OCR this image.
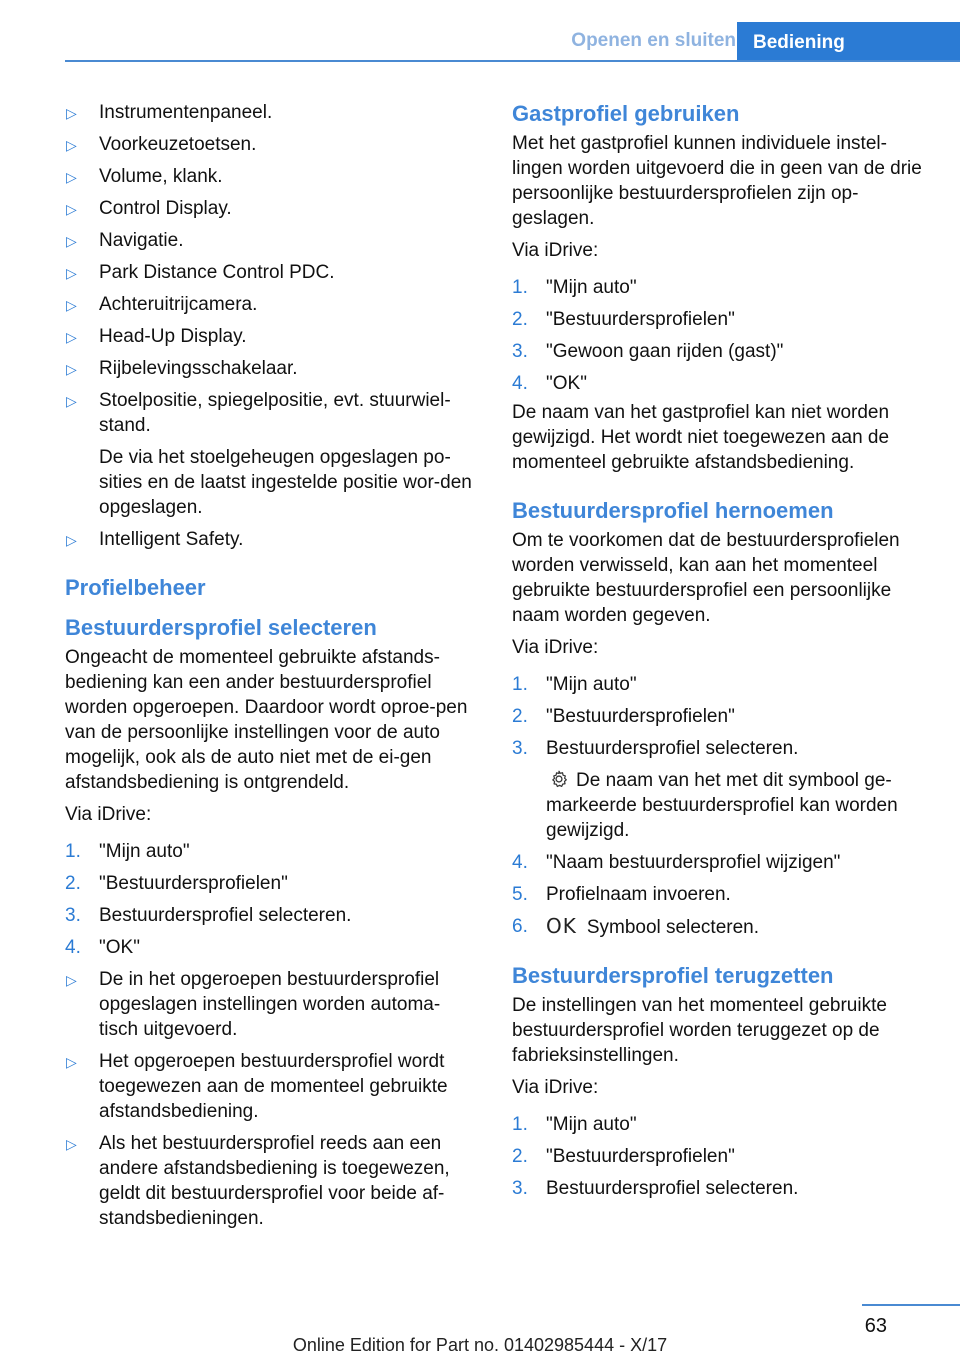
Openen en sluiten Bediening
▷ Instrumentenpaneel.
▷ Voorkeuzetoetsen.
▷ Volume, klank.
▷ Control Display.
▷ Navigatie.
▷ Park Distance Control PDC.
▷ Achteruitrijcamera.
▷ Head-Up Display.
▷ Rijbelevingsschakelaar.
▷ Stoelpositie, spiegelpositie, evt. stuurwiel-stand.
De via het stoelgeheugen opgeslagen po-sities en de laatst ingestelde positie wor-den opgeslagen.
▷ Intelligent Safety.
Profielbeheer
Bestuurdersprofiel selecteren

Ongeacht de momenteel gebruikte afstands-bediening kan een ander bestuurdersprofiel worden opgeroepen. Daardoor wordt oproe-pen van de persoonlijke instellingen voor de auto mogelijk, ook als de auto niet met de ei-gen afstandsbediening is ontgrendeld.

Via iDrive:

1. "Mijn auto"
2. "Bestuurdersprofielen"
3. Bestuurdersprofiel selecteren.
4. "OK"
▷ De in het opgeroepen bestuurdersprofiel opgeslagen instellingen worden automa-tisch uitgevoerd.
▷ Het opgeroepen bestuurdersprofiel wordt toegewezen aan de momenteel gebruikte afstandsbediening.
▷ Als het bestuurdersprofiel reeds aan een andere afstandsbediening is toegewezen, geldt dit bestuurdersprofiel voor beide af-standsbedieningen.
Gastprofiel gebruiken

Met het gastprofiel kunnen individuele instel-lingen worden uitgevoerd die in geen van de drie persoonlijke bestuurdersprofielen zijn op-geslagen.

Via iDrive:

1. "Mijn auto"
2. "Bestuurdersprofielen"
3. "Gewoon gaan rijden (gast)"
4. "OK"

De naam van het gastprofiel kan niet worden gewijzigd. Het wordt niet toegewezen aan de momenteel gebruikte afstandsbediening.

Bestuurdersprofiel hernoemen

Om te voorkomen dat de bestuurdersprofielen worden verwisseld, kan aan het momenteel gebruikte bestuurdersprofiel een persoonlijke naam worden gegeven.

Via iDrive:

1. "Mijn auto"
2. "Bestuurdersprofielen"
3. Bestuurdersprofiel selecteren.
De naam van het met dit symbool ge-markeerde bestuurdersprofiel kan worden gewijzigd.
4. "Naam bestuurdersprofiel wijzigen"
5. Profielnaam invoeren.
6. OK Symbool selecteren.
Bestuurdersprofiel terugzetten

De instellingen van het momenteel gebruikte bestuurdersprofiel worden teruggezet op de fabrieksinstellingen.

Via iDrive:

1. "Mijn auto"
2. "Bestuurdersprofielen"
3. Bestuurdersprofiel selecteren.
63
Online Edition for Part no. 01402985444 - X/17
